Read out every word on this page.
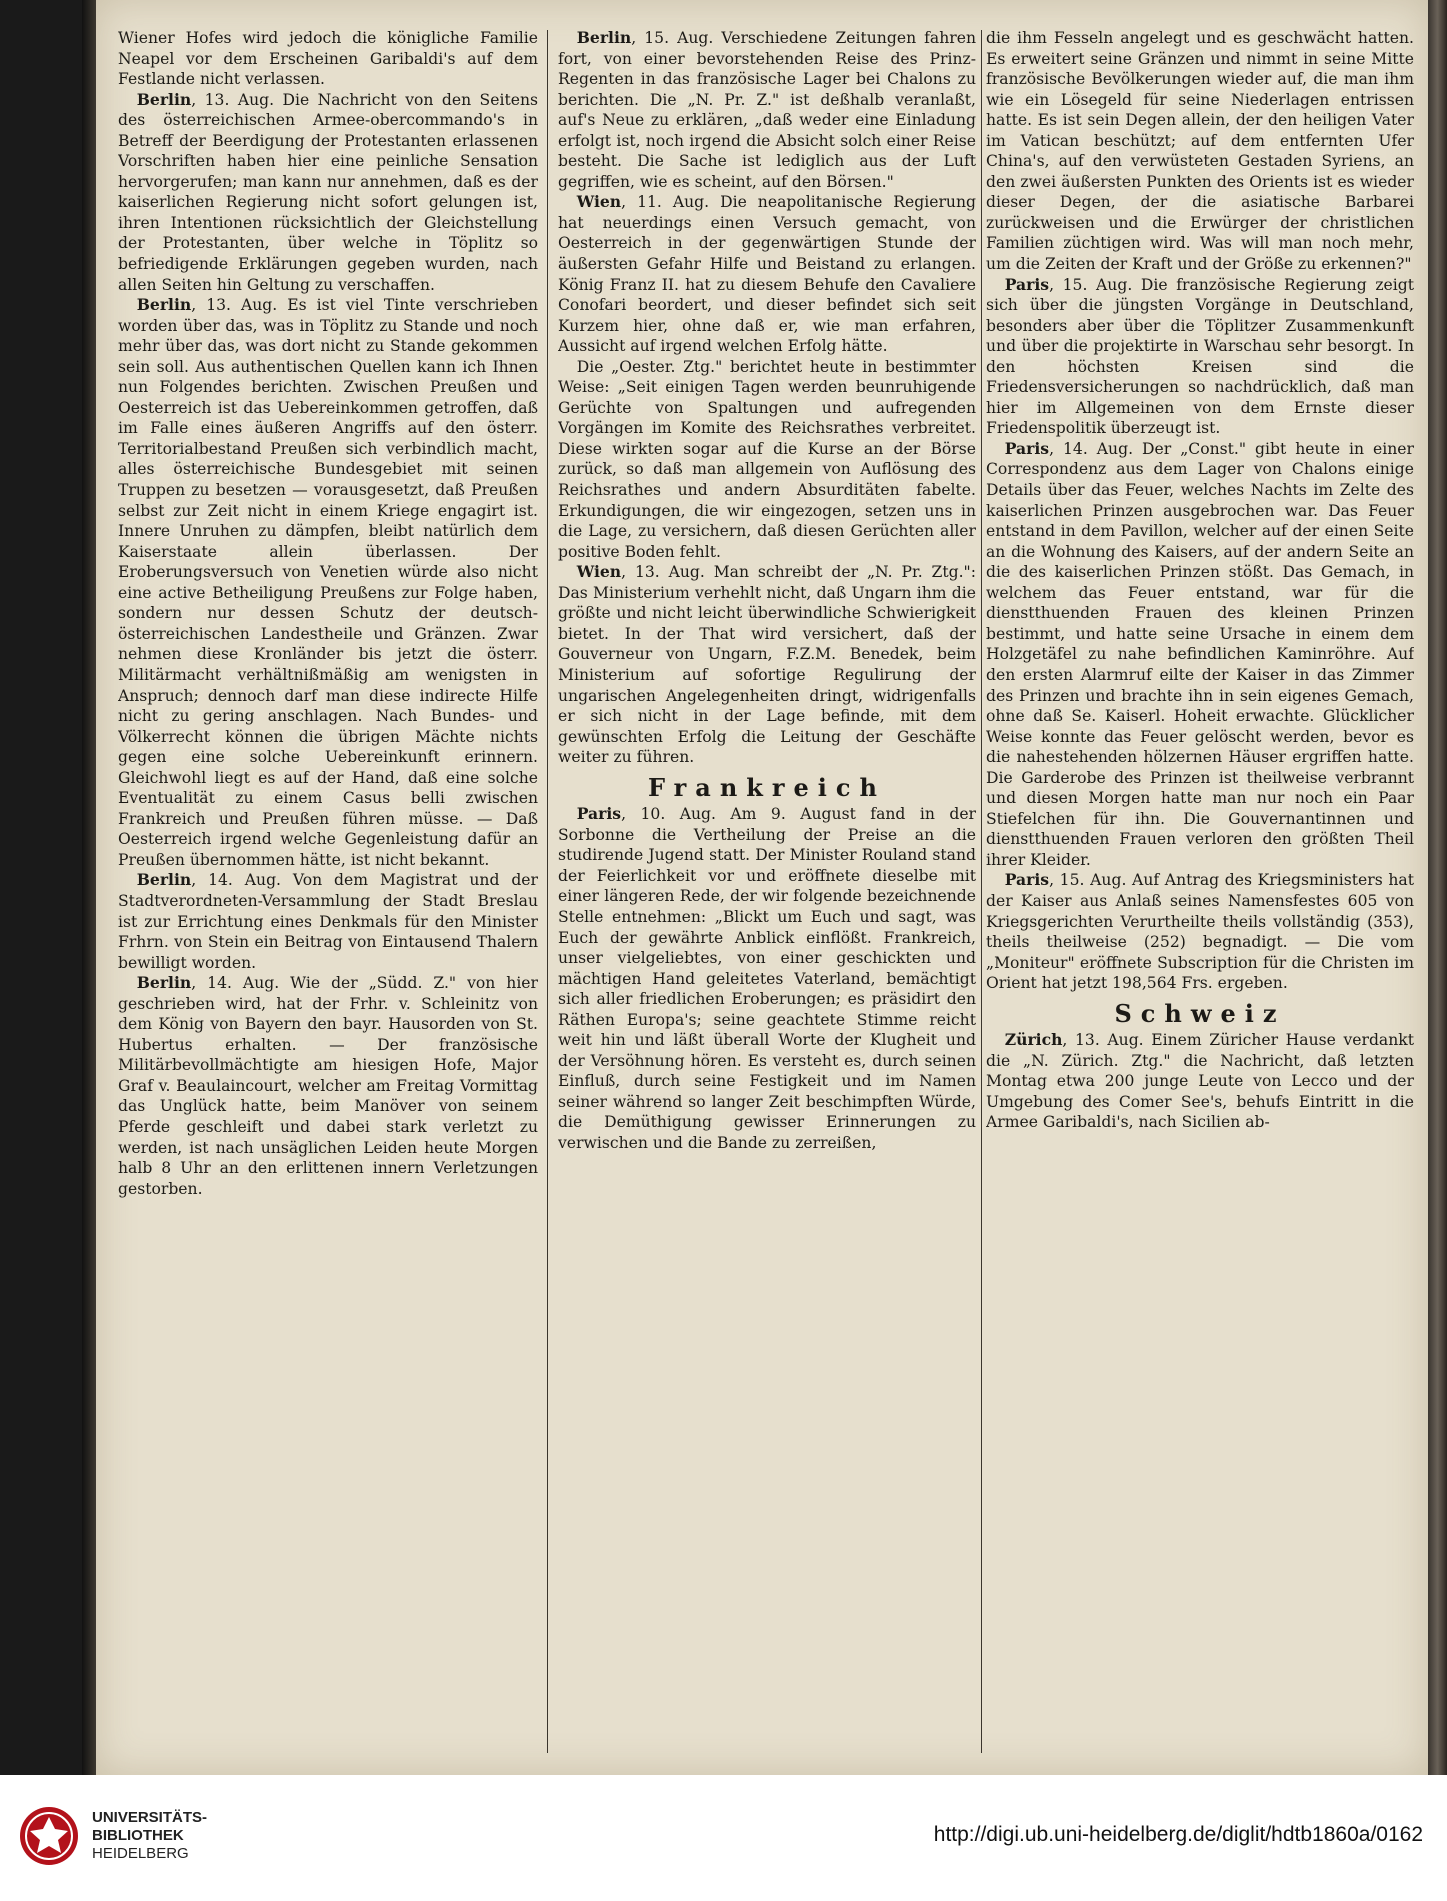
Wiener Hofes wird jedoch die königliche Familie Neapel vor dem Erscheinen Garibaldi's auf dem Festlande nicht verlassen.

Berlin, 13. Aug. Die Nachricht von den Seitens des österreichischen Armee-obercommando's in Betreff der Beerdigung der Protestanten erlassenen Vorschriften haben hier eine peinliche Sensation hervorgerufen; man kann nur annehmen, daß es der kaiserlichen Regierung nicht sofort gelungen ist, ihren Intentionen rücksichtlich der Gleichstellung der Protestanten, über welche in Töplitz so befriedigende Erklärungen gegeben wurden, nach allen Seiten hin Geltung zu verschaffen.

Berlin, 13. Aug. Es ist viel Tinte verschrieben worden über das, was in Töplitz zu Stande und noch mehr über das, was dort nicht zu Stande gekommen sein soll. Aus authentischen Quellen kann ich Ihnen nun Folgendes berichten. Zwischen Preußen und Oesterreich ist das Uebereinkommen getroffen, daß im Falle eines äußeren Angriffs auf den österr. Territorialbestand Preußen sich verbindlich macht, alles österreichische Bundesgebiet mit seinen Truppen zu besetzen — vorausgesetzt, daß Preußen selbst zur Zeit nicht in einem Kriege engagirt ist. Innere Unruhen zu dämpfen, bleibt natürlich dem Kaiserstaate allein überlassen. Der Eroberungsversuch von Venetien würde also nicht eine active Betheiligung Preußens zur Folge haben, sondern nur dessen Schutz der deutsch-österreichischen Landestheile und Gränzen. Zwar nehmen diese Kronländer bis jetzt die österr. Militärmacht verhältnißmäßig am wenigsten in Anspruch; dennoch darf man diese indirecte Hilfe nicht zu gering anschlagen. Nach Bundes- und Völkerrecht können die übrigen Mächte nichts gegen eine solche Uebereinkunft erinnern. Gleichwohl liegt es auf der Hand, daß eine solche Eventualität zu einem Casus belli zwischen Frankreich und Preußen führen müsse. — Daß Oesterreich irgend welche Gegenleistung dafür an Preußen übernommen hätte, ist nicht bekannt.

Berlin, 14. Aug. Von dem Magistrat und der Stadtverordneten-Versammlung der Stadt Breslau ist zur Errichtung eines Denkmals für den Minister Frhrn. von Stein ein Beitrag von Eintausend Thalern bewilligt worden.

Berlin, 14. Aug. Wie der „Südd. Z." von hier geschrieben wird, hat der Frhr. v. Schleinitz von dem König von Bayern den bayr. Hausorden von St. Hubertus erhalten. — Der französische Militärbevollmächtigte am hiesigen Hofe, Major Graf v. Beaulaincourt, welcher am Freitag Vormittag das Unglück hatte, beim Manöver von seinem Pferde geschleift und dabei stark verletzt zu werden, ist nach unsäglichen Leiden heute Morgen halb 8 Uhr an den erlittenen innern Verletzungen gestorben.

Berlin, 15. Aug. Verschiedene Zeitungen fahren fort, von einer bevorstehenden Reise des Prinz-Regenten in das französische Lager bei Chalons zu berichten. Die „N. Pr. Z." ist deßhalb veranlaßt, auf's Neue zu erklären, „daß weder eine Einladung erfolgt ist, noch irgend die Absicht solch einer Reise besteht. Die Sache ist lediglich aus der Luft gegriffen, wie es scheint, auf den Börsen."

Wien, 11. Aug. Die neapolitanische Regierung hat neuerdings einen Versuch gemacht, von Oesterreich in der gegenwärtigen Stunde der äußersten Gefahr Hilfe und Beistand zu erlangen. König Franz II. hat zu diesem Behufe den Cavaliere Conofari beordert, und dieser befindet sich seit Kurzem hier, ohne daß er, wie man erfahren, Aussicht auf irgend welchen Erfolg hätte.

Die „Oester. Ztg." berichtet heute in bestimmter Weise: „Seit einigen Tagen werden beunruhigende Gerüchte von Spaltungen und aufregenden Vorgängen im Komite des Reichsrathes verbreitet. Diese wirkten sogar auf die Kurse an der Börse zurück, so daß man allgemein von Auflösung des Reichsrathes und andern Absurditäten fabelte. Erkundigungen, die wir eingezogen, setzen uns in die Lage, zu versichern, daß diesen Gerüchten aller positive Boden fehlt.

Wien, 13. Aug. Man schreibt der „N. Pr. Ztg.": Das Ministerium verhehlt nicht, daß Ungarn ihm die größte und nicht leicht überwindliche Schwierigkeit bietet. In der That wird versichert, daß der Gouverneur von Ungarn, F.Z.M. Benedek, beim Ministerium auf sofortige Regulirung der ungarischen Angelegenheiten dringt, widrigenfalls er sich nicht in der Lage befinde, mit dem gewünschten Erfolg die Leitung der Geschäfte weiter zu führen.

Frankreich

Paris, 10. Aug. Am 9. August fand in der Sorbonne die Vertheilung der Preise an die studirende Jugend statt. Der Minister Rouland stand der Feierlichkeit vor und eröffnete dieselbe mit einer längeren Rede, der wir folgende bezeichnende Stelle entnehmen: „Blickt um Euch und sagt, was Euch der gewährte Anblick einflößt. Frankreich, unser vielgeliebtes, von einer geschickten und mächtigen Hand geleitetes Vaterland, bemächtigt sich aller friedlichen Eroberungen; es präsidirt den Räthen Europa's; seine geachtete Stimme reicht weit hin und läßt überall Worte der Klugheit und der Versöhnung hören. Es versteht es, durch seinen Einfluß, durch seine Festigkeit und im Namen seiner während so langer Zeit beschimpften Würde, die Demüthigung gewisser Erinnerungen zu verwischen und die Bande zu zerreißen,

die ihm Fesseln angelegt und es geschwächt hatten. Es erweitert seine Gränzen und nimmt in seine Mitte französische Bevölkerungen wieder auf, die man ihm wie ein Lösegeld für seine Niederlagen entrissen hatte. Es ist sein Degen allein, der den heiligen Vater im Vatican beschützt; auf dem entfernten Ufer China's, auf den verwüsteten Gestaden Syriens, an den zwei äußersten Punkten des Orients ist es wieder dieser Degen, der die asiatische Barbarei zurückweisen und die Erwürger der christlichen Familien züchtigen wird. Was will man noch mehr, um die Zeiten der Kraft und der Größe zu erkennen?"

Paris, 15. Aug. Die französische Regierung zeigt sich über die jüngsten Vorgänge in Deutschland, besonders aber über die Töplitzer Zusammenkunft und über die projektirte in Warschau sehr besorgt. In den höchsten Kreisen sind die Friedensversicherungen so nachdrücklich, daß man hier im Allgemeinen von dem Ernste dieser Friedenspolitik überzeugt ist.

Paris, 14. Aug. Der „Const." gibt heute in einer Correspondenz aus dem Lager von Chalons einige Details über das Feuer, welches Nachts im Zelte des kaiserlichen Prinzen ausgebrochen war. Das Feuer entstand in dem Pavillon, welcher auf der einen Seite an die Wohnung des Kaisers, auf der andern Seite an die des kaiserlichen Prinzen stößt. Das Gemach, in welchem das Feuer entstand, war für die dienstthuenden Frauen des kleinen Prinzen bestimmt, und hatte seine Ursache in einem dem Holzgetäfel zu nahe befindlichen Kaminröhre. Auf den ersten Alarmruf eilte der Kaiser in das Zimmer des Prinzen und brachte ihn in sein eigenes Gemach, ohne daß Se. Kaiserl. Hoheit erwachte. Glücklicher Weise konnte das Feuer gelöscht werden, bevor es die nahestehenden hölzernen Häuser ergriffen hatte. Die Garderobe des Prinzen ist theilweise verbrannt und diesen Morgen hatte man nur noch ein Paar Stiefelchen für ihn. Die Gouvernantinnen und dienstthuenden Frauen verloren den größten Theil ihrer Kleider.

Paris, 15. Aug. Auf Antrag des Kriegsministers hat der Kaiser aus Anlaß seines Namensfestes 605 von Kriegsgerichten Verurtheilte theils vollständig (353), theils theilweise (252) begnadigt. — Die vom „Moniteur" eröffnete Subscription für die Christen im Orient hat jetzt 198,564 Frs. ergeben.

Schweiz

Zürich, 13. Aug. Einem Züricher Hause verdankt die „N. Zürich. Ztg." die Nachricht, daß letzten Montag etwa 200 junge Leute von Lecco und der Umgebung des Comer See's, behufs Eintritt in die Armee Garibaldi's, nach Sicilien ab-

UNIVERSITÄTS-
BIBLIOTHEK
HEIDELBERG
http://digi.ub.uni-heidelberg.de/diglit/hdtb1860a/0162
